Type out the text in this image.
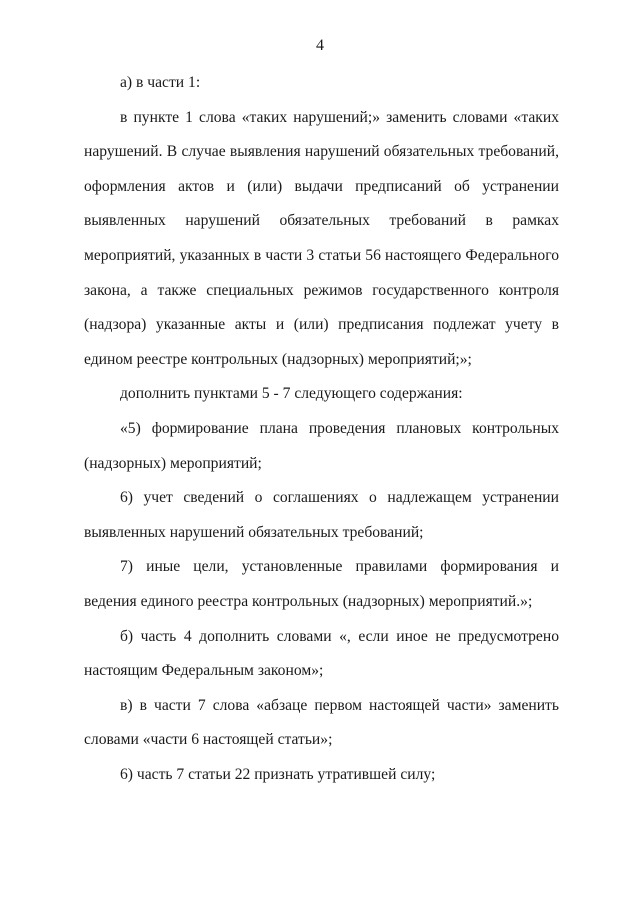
4

а) в части 1:

в пункте 1 слова «таких нарушений;» заменить словами «таких нарушений. В случае выявления нарушений обязательных требований, оформления актов и (или) выдачи предписаний об устранении выявленных нарушений обязательных требований в рамках мероприятий, указанных в части 3 статьи 56 настоящего Федерального закона, а также специальных режимов государственного контроля (надзора) указанные акты и (или) предписания подлежат учету в едином реестре контрольных (надзорных) мероприятий;»;

дополнить пунктами 5 - 7 следующего содержания:

«5) формирование плана проведения плановых контрольных (надзорных) мероприятий;

6) учет сведений о соглашениях о надлежащем устранении выявленных нарушений обязательных требований;

7) иные цели, установленные правилами формирования и ведения единого реестра контрольных (надзорных) мероприятий.»;

б) часть 4 дополнить словами «, если иное не предусмотрено настоящим Федеральным законом»;

в) в части 7 слова «абзаце первом настоящей части» заменить словами «части 6 настоящей статьи»;

6) часть 7 статьи 22 признать утратившей силу;
